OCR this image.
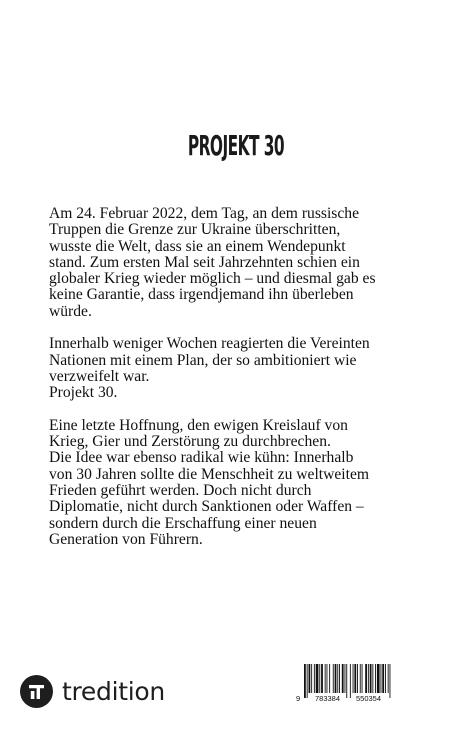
PROJEKT 30

Am 24. Februar 2022, dem Tag, an dem russische
Truppen die Grenze zur Ukraine überschritten,
wusste die Welt, dass sie an einem Wendepunkt
stand. Zum ersten Mal seit Jahrzehnten schien ein
globaler Krieg wieder möglich – und diesmal gab es
keine Garantie, dass irgendjemand ihn überleben
würde.

Innerhalb weniger Wochen reagierten die Vereinten
Nationen mit einem Plan, der so ambitioniert wie
verzweifelt war.
Projekt 30.

Eine letzte Hoffnung, den ewigen Kreislauf von
Krieg, Gier und Zerstörung zu durchbrechen.
Die Idee war ebenso radikal wie kühn: Innerhalb
von 30 Jahren sollte die Menschheit zu weltweitem
Frieden geführt werden. Doch nicht durch
Diplomatie, nicht durch Sanktionen oder Waffen –
sondern durch die Erschaffung einer neuen
Generation von Führern.

tredition	9 783384 550354
